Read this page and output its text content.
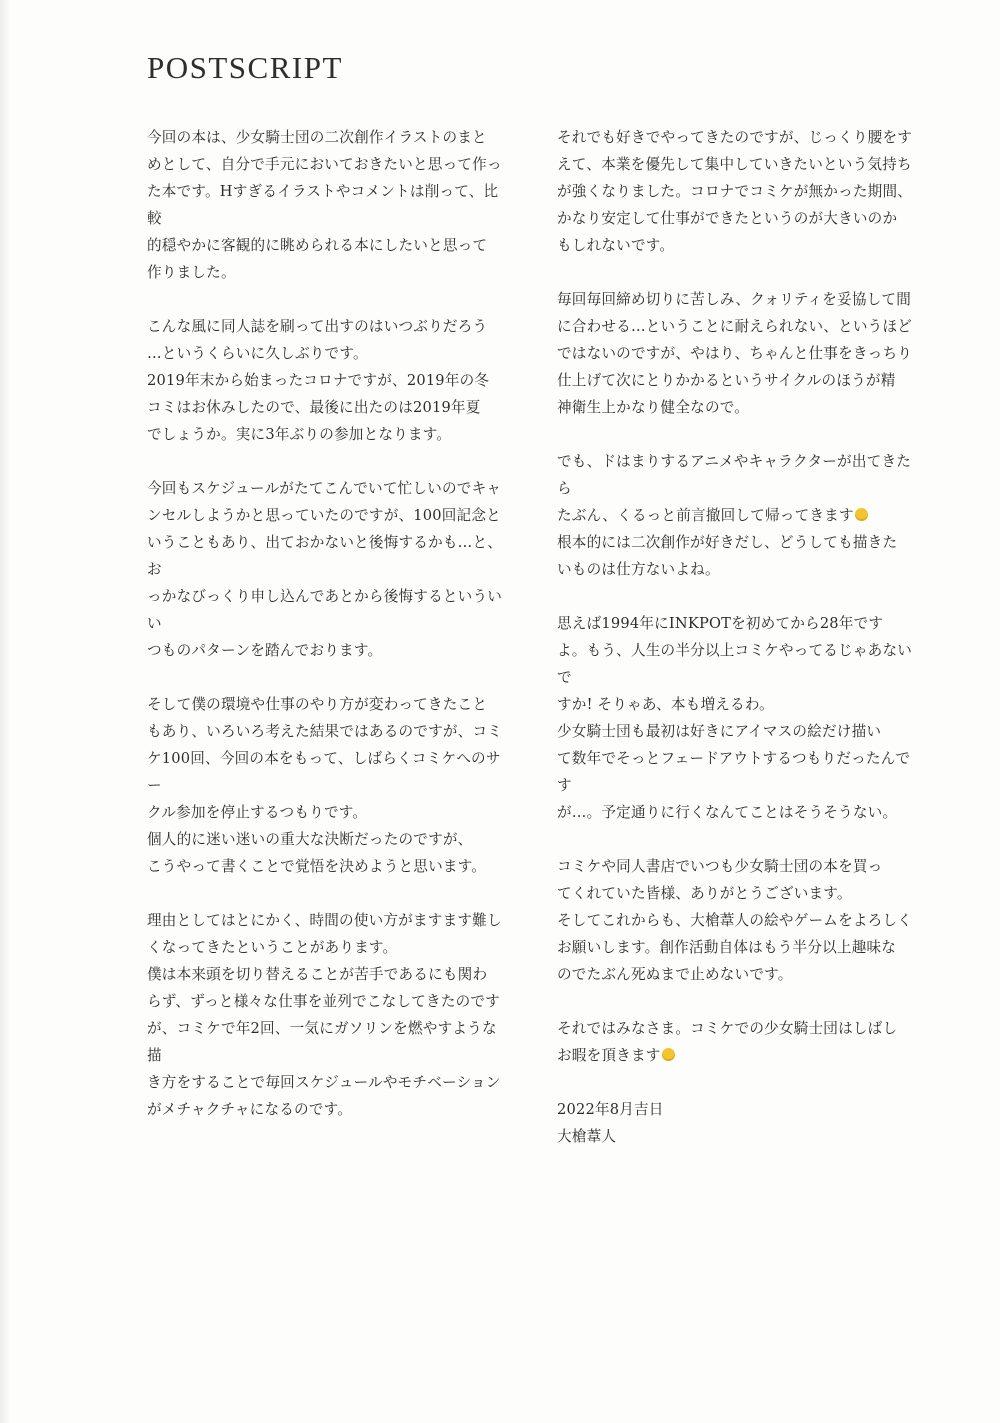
POSTSCRIPT

今回の本は、少女騎士団の二次創作イラストのまと
めとして、自分で手元においておきたいと思って作っ
た本です。Hすぎるイラストやコメントは削って、比較
的穏やかに客観的に眺められる本にしたいと思って
作りました。

こんな風に同人誌を刷って出すのはいつぶりだろう
…というくらいに久しぶりです。
2019年末から始まったコロナですが、2019年の冬
コミはお休みしたので、最後に出たのは2019年夏
でしょうか。実に3年ぶりの参加となります。

今回もスケジュールがたてこんでいて忙しいのでキャ
ンセルしようかと思っていたのですが、100回記念と
いうこともあり、出ておかないと後悔するかも…と、お
っかなびっくり申し込んであとから後悔するといういい
つものパターンを踏んでおります。

そして僕の環境や仕事のやり方が変わってきたこと
もあり、いろいろ考えた結果ではあるのですが、コミ
ケ100回、今回の本をもって、しばらくコミケへのサー
クル参加を停止するつもりです。
個人的に迷い迷いの重大な決断だったのですが、
こうやって書くことで覚悟を決めようと思います。

理由としてはとにかく、時間の使い方がますます難し
くなってきたということがあります。
僕は本来頭を切り替えることが苦手であるにも関わ
らず、ずっと様々な仕事を並列でこなしてきたのです
が、コミケで年2回、一気にガソリンを燃やすような描
き方をすることで毎回スケジュールやモチベーション
がメチャクチャになるのです。

それでも好きでやってきたのですが、じっくり腰をす
えて、本業を優先して集中していきたいという気持ち
が強くなりました。コロナでコミケが無かった期間、
かなり安定して仕事ができたというのが大きいのか
もしれないです。

毎回毎回締め切りに苦しみ、クォリティを妥協して間
に合わせる…ということに耐えられない、というほど
ではないのですが、やはり、ちゃんと仕事をきっちり
仕上げて次にとりかかるというサイクルのほうが精
神衛生上かなり健全なので。

でも、ドはまりするアニメやキャラクターが出てきたら
たぶん、くるっと前言撤回して帰ってきます
根本的には二次創作が好きだし、どうしても描きた
いものは仕方ないよね。

思えば1994年にINKPOTを初めてから28年です
よ。もう、人生の半分以上コミケやってるじゃあないで
すか! そりゃあ、本も増えるわ。
少女騎士団も最初は好きにアイマスの絵だけ描い
て数年でそっとフェードアウトするつもりだったんです
が…。予定通りに行くなんてことはそうそうない。

コミケや同人書店でいつも少女騎士団の本を買っ
てくれていた皆様、ありがとうございます。
そしてこれからも、大槍葦人の絵やゲームをよろしく
お願いします。創作活動自体はもう半分以上趣味な
のでたぶん死ぬまで止めないです。

それではみなさま。コミケでの少女騎士団はしばし
お暇を頂きます

2022年8月吉日
大槍葦人
